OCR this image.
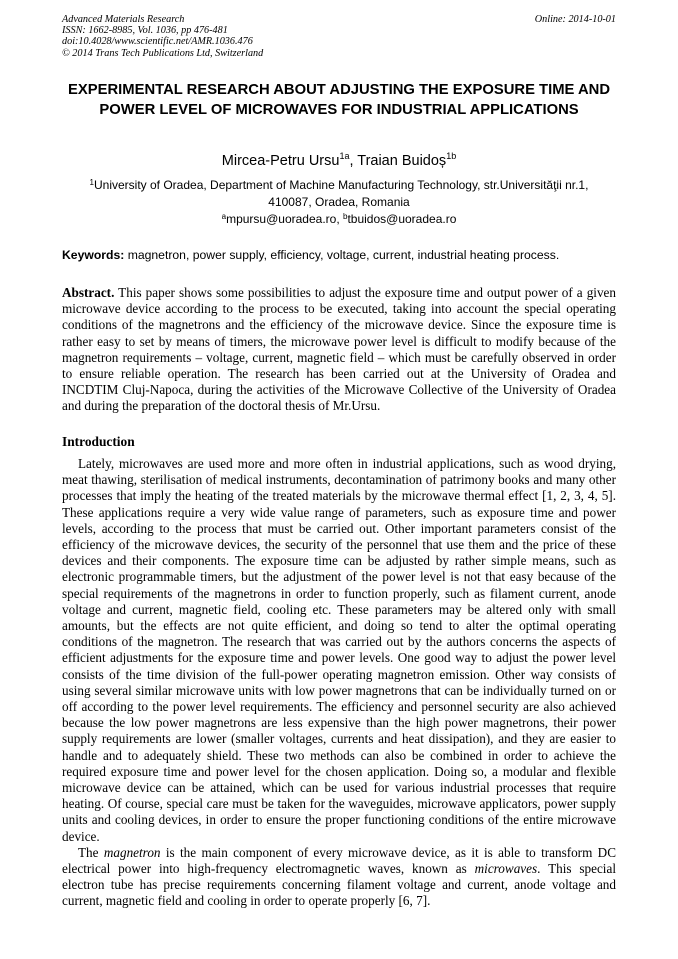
Advanced Materials Research
ISSN: 1662-8985, Vol. 1036, pp 476-481
doi:10.4028/www.scientific.net/AMR.1036.476
© 2014 Trans Tech Publications Ltd, Switzerland
Online: 2014-10-01
EXPERIMENTAL RESEARCH ABOUT ADJUSTING THE EXPOSURE TIME AND POWER LEVEL OF MICROWAVES FOR INDUSTRIAL APPLICATIONS
Mircea-Petru Ursu$^{1a}$, Traian Buidoș$^{1b}$
$^1$University of Oradea, Department of Machine Manufacturing Technology, str.Universităţii nr.1,
410087, Oradea, Romania
$^a$mpursu@uoradea.ro, $^b$tbuidos@uoradea.ro
Keywords: magnetron, power supply, efficiency, voltage, current, industrial heating process.
Abstract. This paper shows some possibilities to adjust the exposure time and output power of a given microwave device according to the process to be executed, taking into account the special operating conditions of the magnetrons and the efficiency of the microwave device. Since the exposure time is rather easy to set by means of timers, the microwave power level is difficult to modify because of the magnetron requirements – voltage, current, magnetic field – which must be carefully observed in order to ensure reliable operation. The research has been carried out at the University of Oradea and INCDTIM Cluj-Napoca, during the activities of the Microwave Collective of the University of Oradea and during the preparation of the doctoral thesis of Mr.Ursu.
Introduction

Lately, microwaves are used more and more often in industrial applications, such as wood drying, meat thawing, sterilisation of medical instruments, decontamination of patrimony books and many other processes that imply the heating of the treated materials by the microwave thermal effect [1, 2, 3, 4, 5]. These applications require a very wide value range of parameters, such as exposure time and power levels, according to the process that must be carried out. Other important parameters consist of the efficiency of the microwave devices, the security of the personnel that use them and the price of these devices and their components. The exposure time can be adjusted by rather simple means, such as electronic programmable timers, but the adjustment of the power level is not that easy because of the special requirements of the magnetrons in order to function properly, such as filament current, anode voltage and current, magnetic field, cooling etc. These parameters may be altered only with small amounts, but the effects are not quite efficient, and doing so tend to alter the optimal operating conditions of the magnetron. The research that was carried out by the authors concerns the aspects of efficient adjustments for the exposure time and power levels. One good way to adjust the power level consists of the time division of the full-power operating magnetron emission. Other way consists of using several similar microwave units with low power magnetrons that can be individually turned on or off according to the power level requirements. The efficiency and personnel security are also achieved because the low power magnetrons are less expensive than the high power magnetrons, their power supply requirements are lower (smaller voltages, currents and heat dissipation), and they are easier to handle and to adequately shield. These two methods can also be combined in order to achieve the required exposure time and power level for the chosen application. Doing so, a modular and flexible microwave device can be attained, which can be used for various industrial processes that require heating. Of course, special care must be taken for the waveguides, microwave applicators, power supply units and cooling devices, in order to ensure the proper functioning conditions of the entire microwave device.

The magnetron is the main component of every microwave device, as it is able to transform DC electrical power into high-frequency electromagnetic waves, known as microwaves. This special electron tube has precise requirements concerning filament voltage and current, anode voltage and current, magnetic field and cooling in order to operate properly [6, 7].
